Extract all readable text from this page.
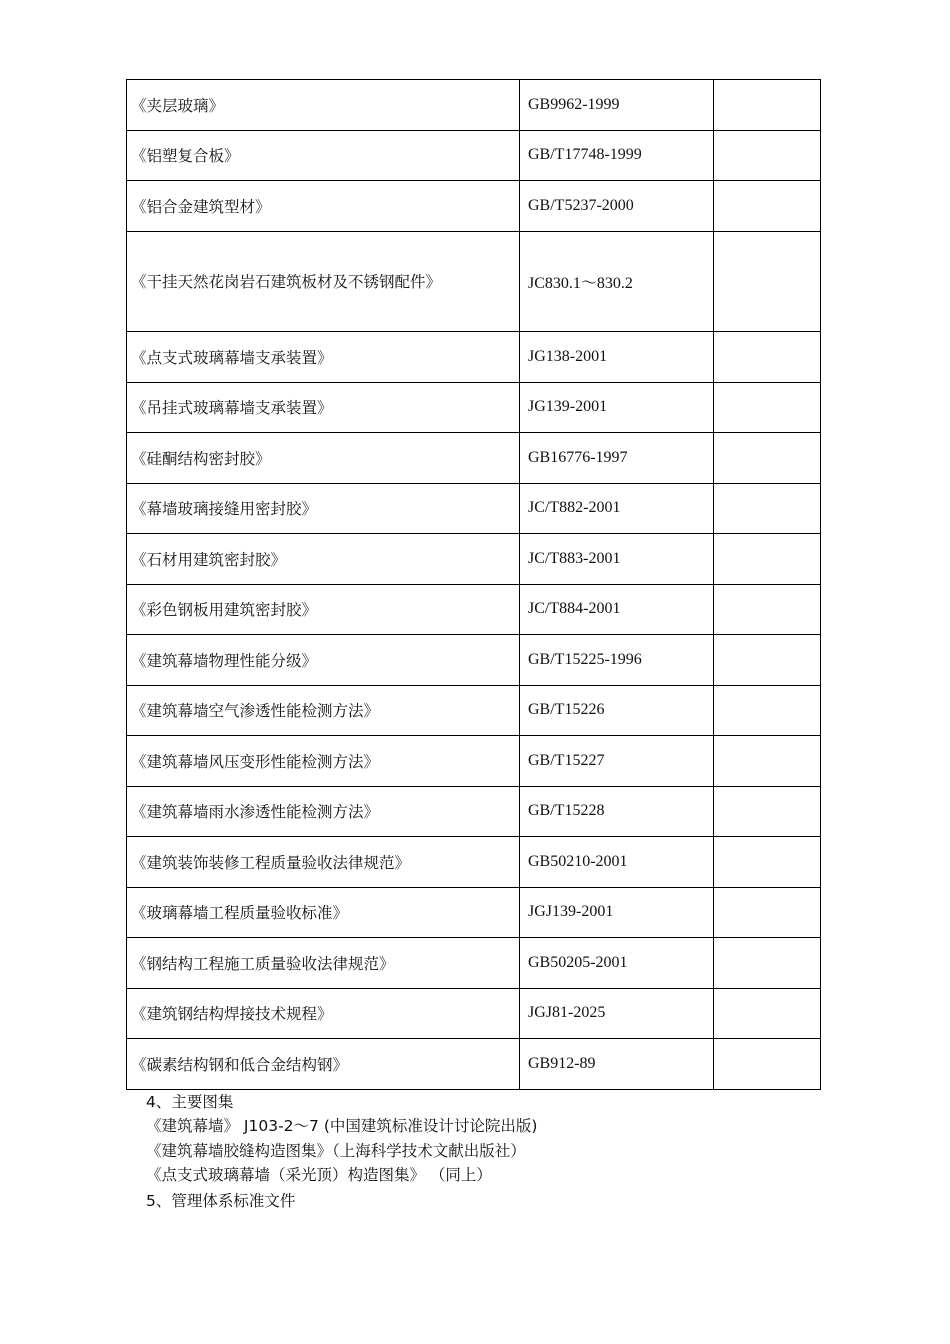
《夹层玻璃》	GB9962-1999	
《铝塑复合板》	GB/T17748-1999	
《铝合金建筑型材》	GB/T5237-2000	
《干挂天然花岗岩石建筑板材及不锈钢配件》	JC830.1～830.2	
《点支式玻璃幕墙支承装置》	JG138-2001	
《吊挂式玻璃幕墙支承装置》	JG139-2001	
《硅酮结构密封胶》	GB16776-1997	
《幕墙玻璃接缝用密封胶》	JC/T882-2001	
《石材用建筑密封胶》	JC/T883-2001	
《彩色钢板用建筑密封胶》	JC/T884-2001	
《建筑幕墙物理性能分级》	GB/T15225-1996	
《建筑幕墙空气渗透性能检测方法》	GB/T15226	
《建筑幕墙风压变形性能检测方法》	GB/T15227	
《建筑幕墙雨水渗透性能检测方法》	GB/T15228	
《建筑装饰装修工程质量验收法律规范》	GB50210-2001	
《玻璃幕墙工程质量验收标准》	JGJ139-2001	
《钢结构工程施工质量验收法律规范》	GB50205-2001	
《建筑钢结构焊接技术规程》	JGJ81-2025	
《碳素结构钢和低合金结构钢》	GB912-89	
4、主要图集
《建筑幕墙》 J103-2～7 (中国建筑标准设计讨论院出版)
《建筑幕墙胶缝构造图集》（上海科学技术文献出版社）
《点支式玻璃幕墙（采光顶）构造图集》 （同上）
5、管理体系标准文件
